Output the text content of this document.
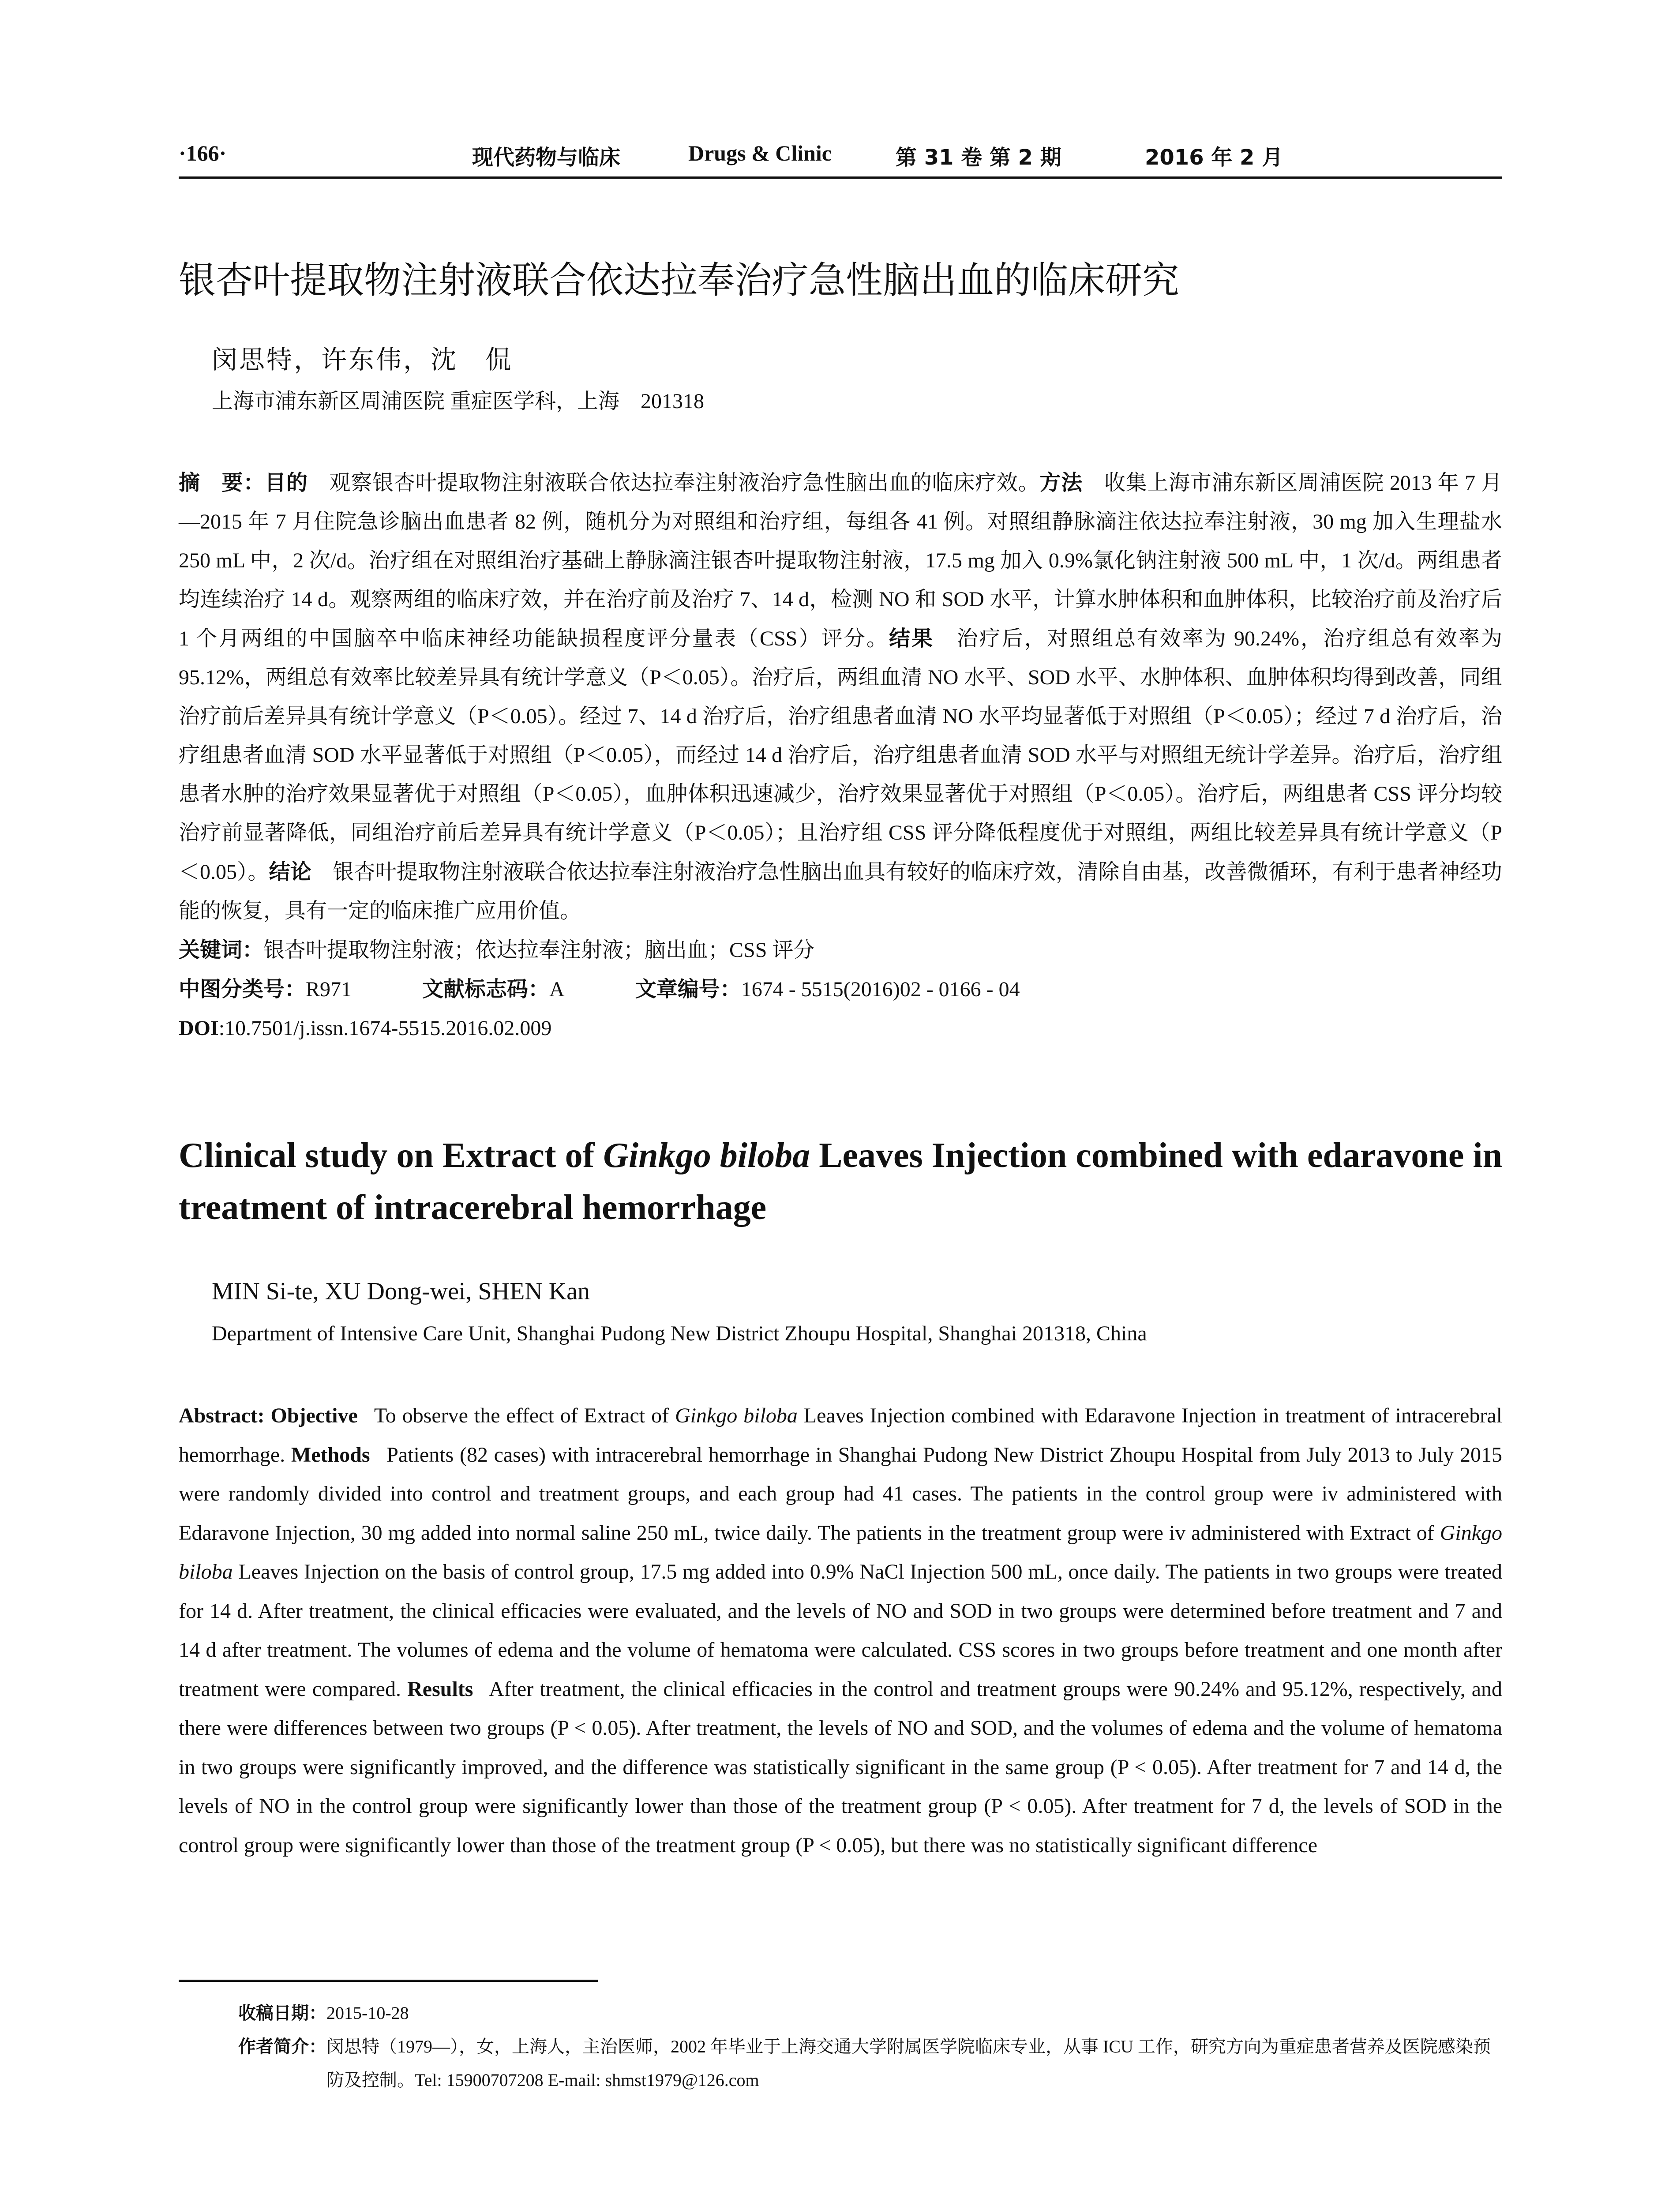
·166·	现代药物与临床	Drugs & Clinic	第 31 卷 第 2 期	2016 年 2 月
银杏叶提取物注射液联合依达拉奉治疗急性脑出血的临床研究
闵思特，许东伟，沈　侃
上海市浦东新区周浦医院 重症医学科，上海　201318
摘　要：目的  观察银杏叶提取物注射液联合依达拉奉注射液治疗急性脑出血的临床疗效。方法  收集上海市浦东新区周浦医院 2013 年 7 月—2015 年 7 月住院急诊脑出血患者 82 例，随机分为对照组和治疗组，每组各 41 例。对照组静脉滴注依达拉奉注射液，30 mg 加入生理盐水 250 mL 中，2 次/d。治疗组在对照组治疗基础上静脉滴注银杏叶提取物注射液，17.5 mg 加入 0.9%氯化钠注射液 500 mL 中，1 次/d。两组患者均连续治疗 14 d。观察两组的临床疗效，并在治疗前及治疗 7、14 d，检测 NO 和 SOD 水平，计算水肿体积和血肿体积，比较治疗前及治疗后 1 个月两组的中国脑卒中临床神经功能缺损程度评分量表（CSS）评分。结果  治疗后，对照组总有效率为 90.24%，治疗组总有效率为 95.12%，两组总有效率比较差异具有统计学意义（P＜0.05）。治疗后，两组血清 NO 水平、SOD 水平、水肿体积、血肿体积均得到改善，同组治疗前后差异具有统计学意义（P＜0.05）。经过 7、14 d 治疗后，治疗组患者血清 NO 水平均显著低于对照组（P＜0.05）；经过 7 d 治疗后，治疗组患者血清 SOD 水平显著低于对照组（P＜0.05），而经过 14 d 治疗后，治疗组患者血清 SOD 水平与对照组无统计学差异。治疗后，治疗组患者水肿的治疗效果显著优于对照组（P＜0.05），血肿体积迅速减少，治疗效果显著优于对照组（P＜0.05）。治疗后，两组患者 CSS 评分均较治疗前显著降低，同组治疗前后差异具有统计学意义（P＜0.05）；且治疗组 CSS 评分降低程度优于对照组，两组比较差异具有统计学意义（P＜0.05）。结论  银杏叶提取物注射液联合依达拉奉注射液治疗急性脑出血具有较好的临床疗效，清除自由基，改善微循环，有利于患者神经功能的恢复，具有一定的临床推广应用价值。
关键词：银杏叶提取物注射液；依达拉奉注射液；脑出血；CSS 评分
中图分类号：R971	文献标志码：A	文章编号：1674 - 5515(2016)02 - 0166 - 04
DOI:10.7501/j.issn.1674-5515.2016.02.009
Clinical study on Extract of Ginkgo biloba Leaves Injection combined with edaravone in treatment of intracerebral hemorrhage
MIN Si-te, XU Dong-wei, SHEN Kan
Department of Intensive Care Unit, Shanghai Pudong New District Zhoupu Hospital, Shanghai 201318, China
Abstract: Objective  To observe the effect of Extract of Ginkgo biloba Leaves Injection combined with Edaravone Injection in treatment of intracerebral hemorrhage. Methods  Patients (82 cases) with intracerebral hemorrhage in Shanghai Pudong New District Zhoupu Hospital from July 2013 to July 2015 were randomly divided into control and treatment groups, and each group had 41 cases. The patients in the control group were iv administered with Edaravone Injection, 30 mg added into normal saline 250 mL, twice daily. The patients in the treatment group were iv administered with Extract of Ginkgo biloba Leaves Injection on the basis of control group, 17.5 mg added into 0.9% NaCl Injection 500 mL, once daily. The patients in two groups were treated for 14 d. After treatment, the clinical efficacies were evaluated, and the levels of NO and SOD in two groups were determined before treatment and 7 and 14 d after treatment. The volumes of edema and the volume of hematoma were calculated. CSS scores in two groups before treatment and one month after treatment were compared. Results  After treatment, the clinical efficacies in the control and treatment groups were 90.24% and 95.12%, respectively, and there were differences between two groups (P < 0.05). After treatment, the levels of NO and SOD, and the volumes of edema and the volume of hematoma in two groups were significantly improved, and the difference was statistically significant in the same group (P < 0.05). After treatment for 7 and 14 d, the levels of NO in the control group were significantly lower than those of the treatment group (P < 0.05). After treatment for 7 d, the levels of SOD in the control group were significantly lower than those of the treatment group (P < 0.05), but there was no statistically significant difference
收稿日期： 2015-10-28
作者简介： 闵思特（1979—），女，上海人，主治医师，2002 年毕业于上海交通大学附属医学院临床专业，从事 ICU 工作，研究方向为重症患者营养及医院感染预防及控制。Tel: 15900707208 E-mail: shmst1979@126.com
